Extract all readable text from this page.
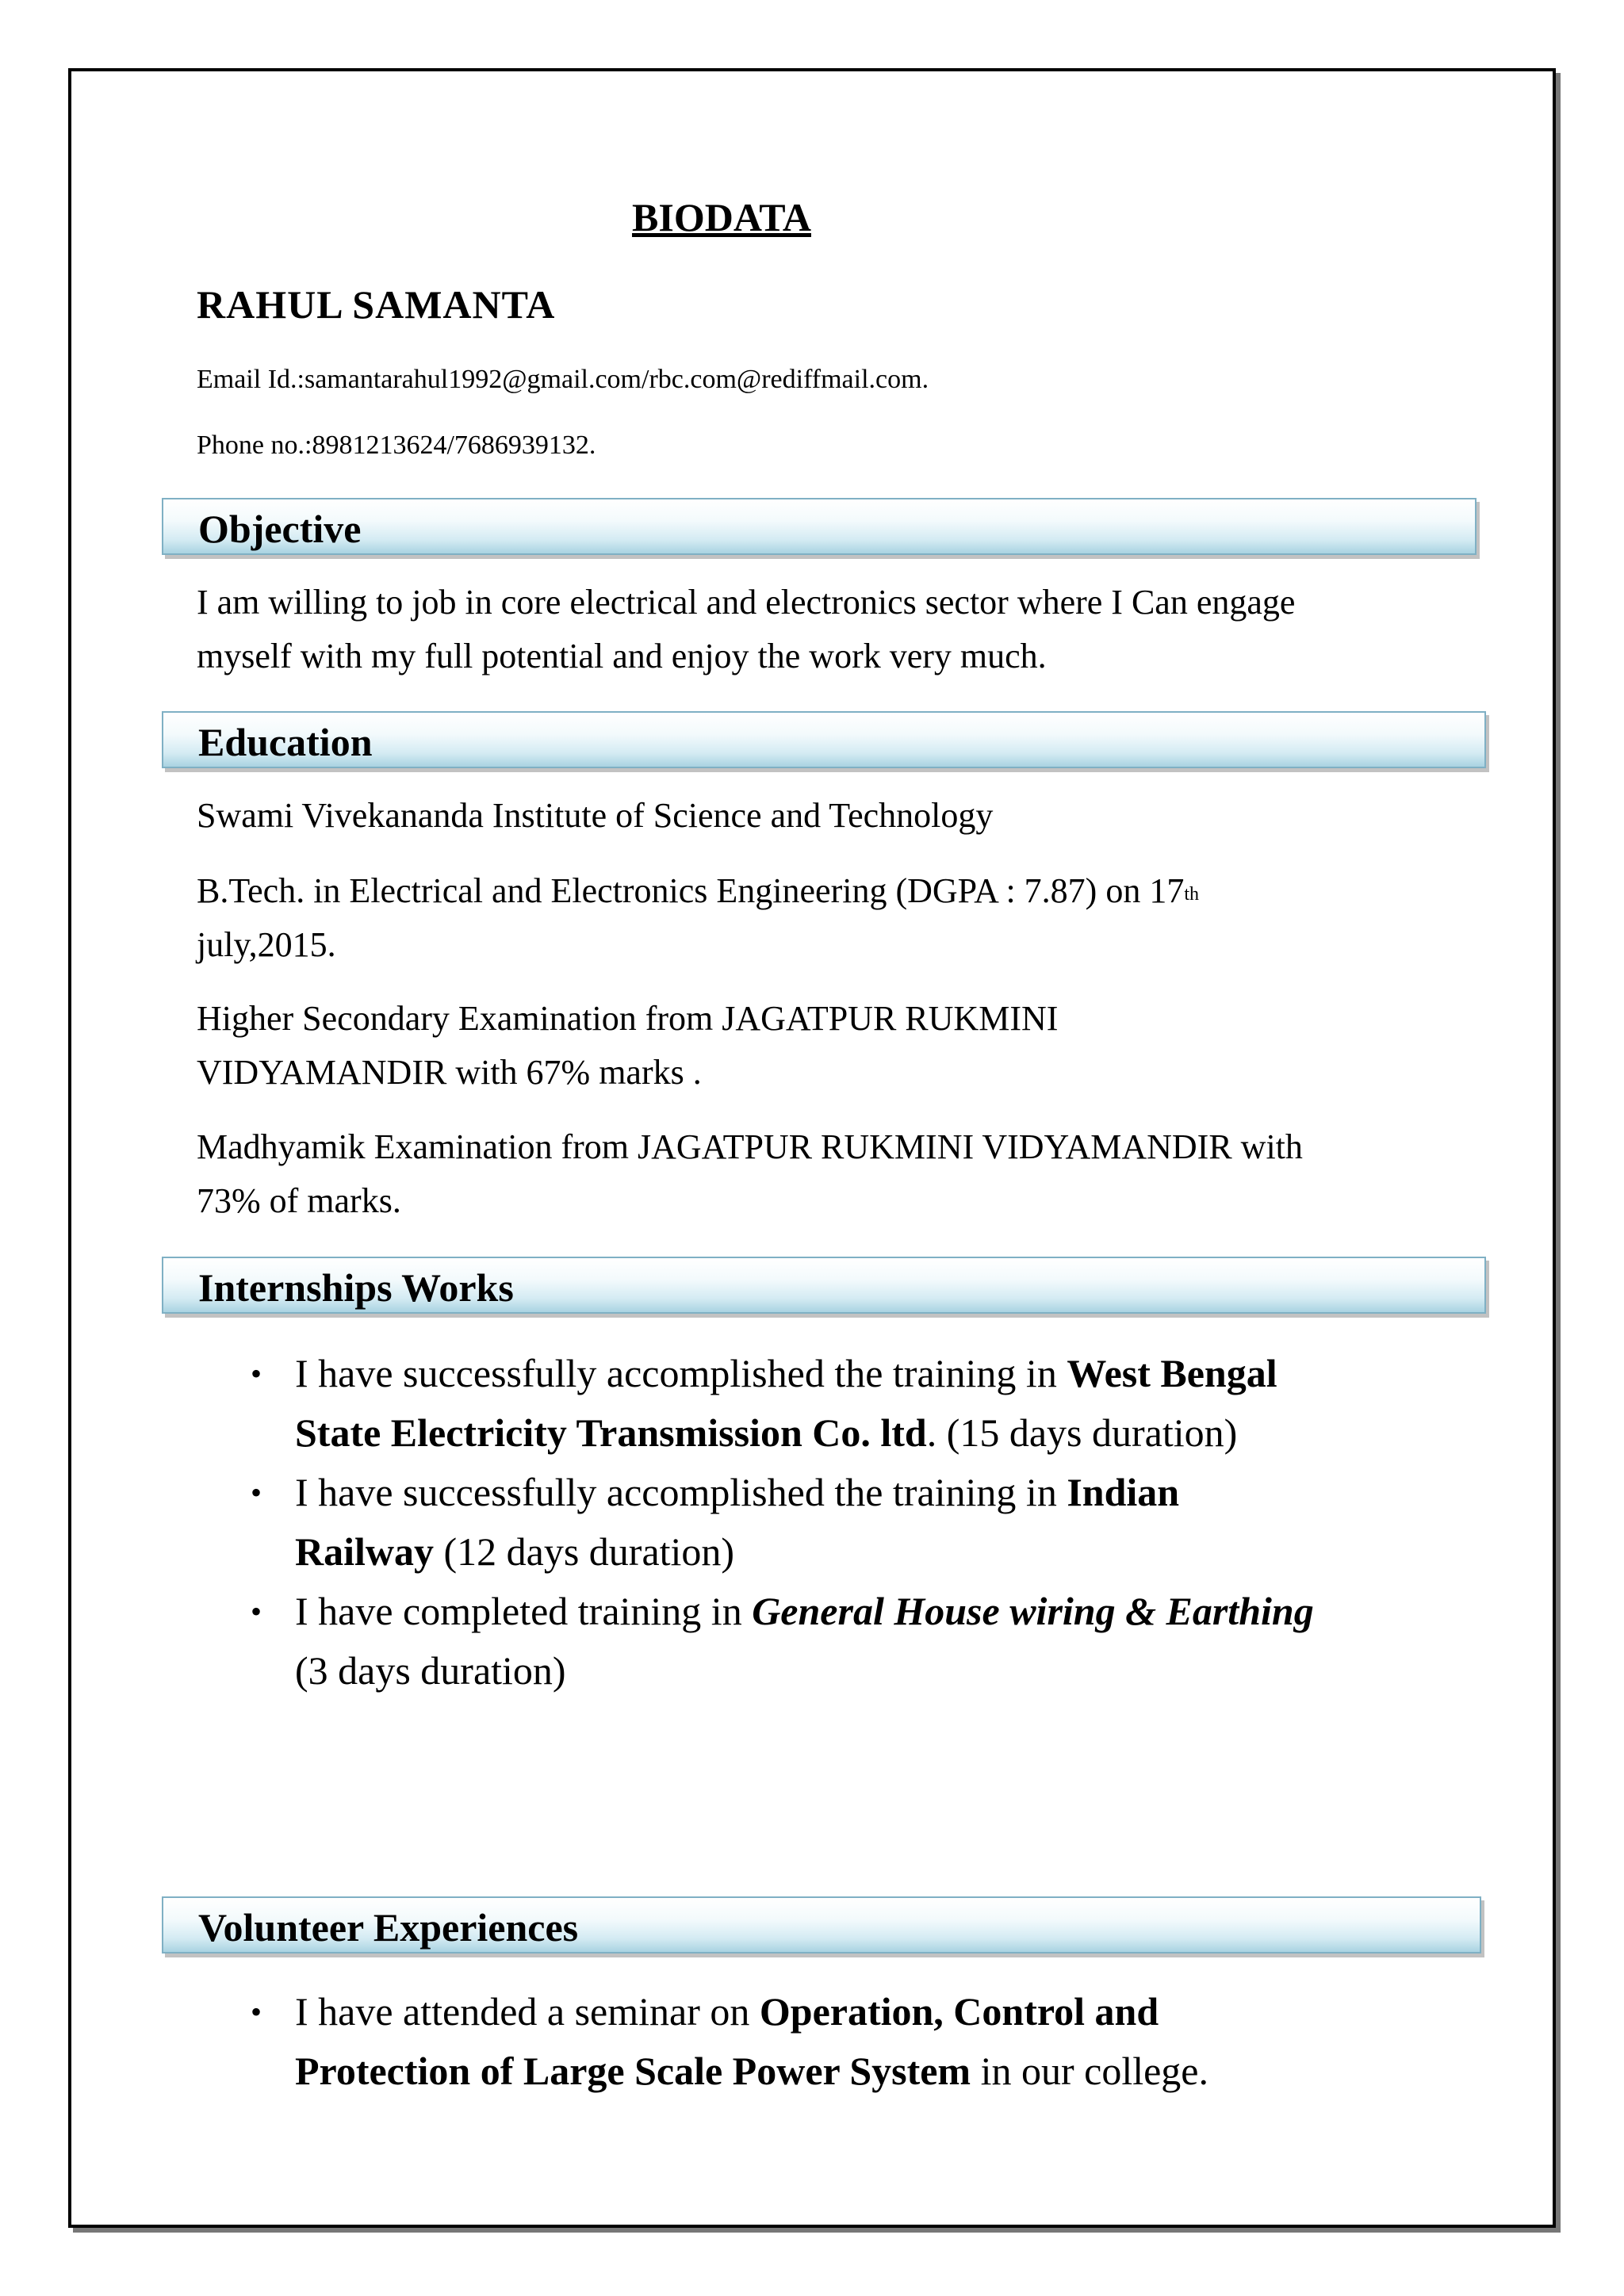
BIODATA
RAHUL SAMANTA
Email Id.:samantarahul1992@gmail.com/rbc.com@rediffmail.com.
Phone no.:8981213624/7686939132.
Objective
I am willing to job in core electrical and electronics sector where I Can engage
myself with my full potential and enjoy the work very much.
Education
Swami Vivekananda Institute of Science and Technology
B.Tech. in Electrical and Electronics Engineering (DGPA : 7.87) on 17th
july,2015.
Higher Secondary Examination from JAGATPUR RUKMINI
VIDYAMANDIR with 67% marks .
Madhyamik Examination from JAGATPUR RUKMINI VIDYAMANDIR with
73% of marks.
Internships Works
• I have successfully accomplished the training in West Bengal
State Electricity Transmission Co. ltd. (15 days duration)
• I have successfully accomplished the training in Indian
Railway (12 days duration)
• I have completed training in General House wiring & Earthing
(3 days duration)
Volunteer Experiences
• I have attended a seminar on Operation, Control and
Protection of Large Scale Power System in our college.
